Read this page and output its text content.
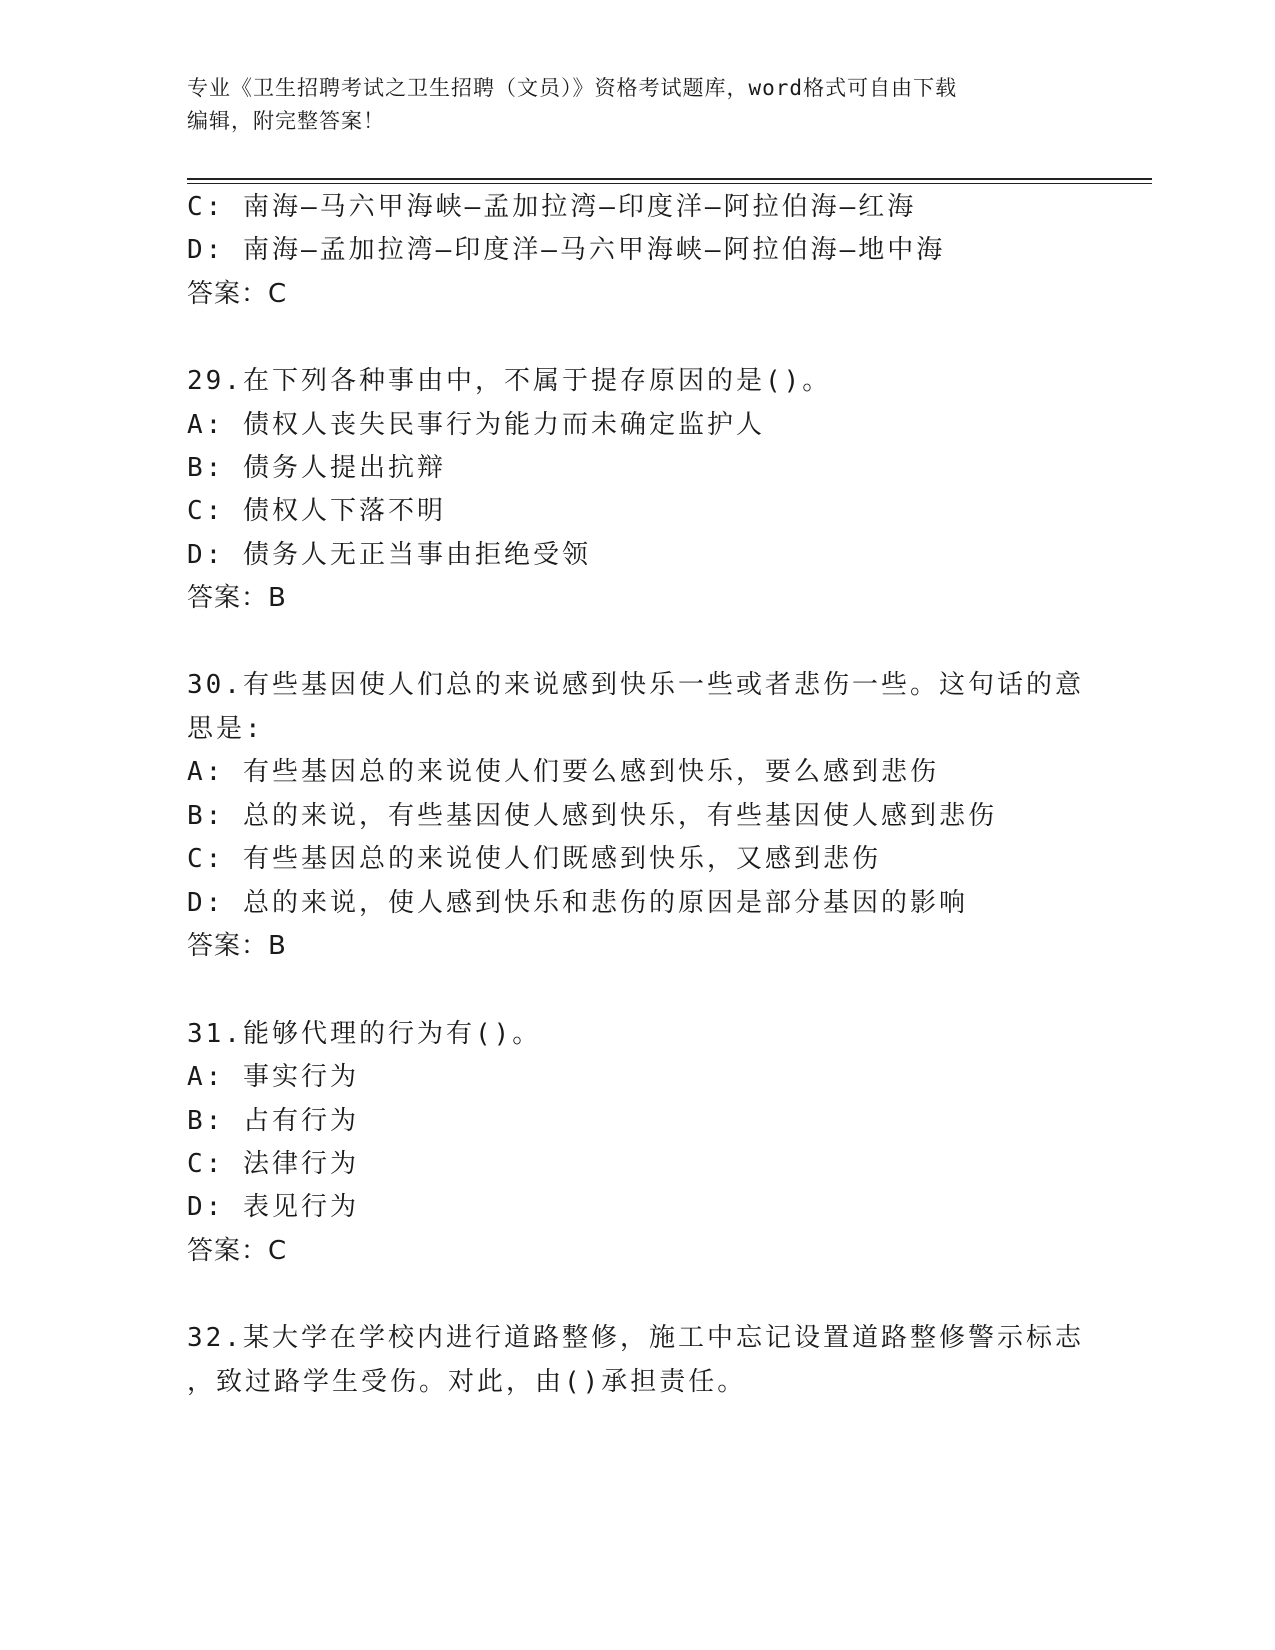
专业《卫生招聘考试之卫生招聘（文员）》资格考试题库，word格式可自由下载
编辑，附完整答案！
C: 南海—马六甲海峡—孟加拉湾—印度洋—阿拉伯海—红海
D: 南海—孟加拉湾—印度洋—马六甲海峡—阿拉伯海—地中海
答案：C
29.在下列各种事由中，不属于提存原因的是()。
A: 债权人丧失民事行为能力而未确定监护人
B: 债务人提出抗辩
C: 债权人下落不明
D: 债务人无正当事由拒绝受领
答案：B
30.有些基因使人们总的来说感到快乐一些或者悲伤一些。这句话的意
思是:
A: 有些基因总的来说使人们要么感到快乐，要么感到悲伤
B: 总的来说，有些基因使人感到快乐，有些基因使人感到悲伤
C: 有些基因总的来说使人们既感到快乐，又感到悲伤
D: 总的来说，使人感到快乐和悲伤的原因是部分基因的影响
答案：B
31.能够代理的行为有()。
A: 事实行为
B: 占有行为
C: 法律行为
D: 表见行为
答案：C
32.某大学在学校内进行道路整修，施工中忘记设置道路整修警示标志
，致过路学生受伤。对此，由()承担责任。
